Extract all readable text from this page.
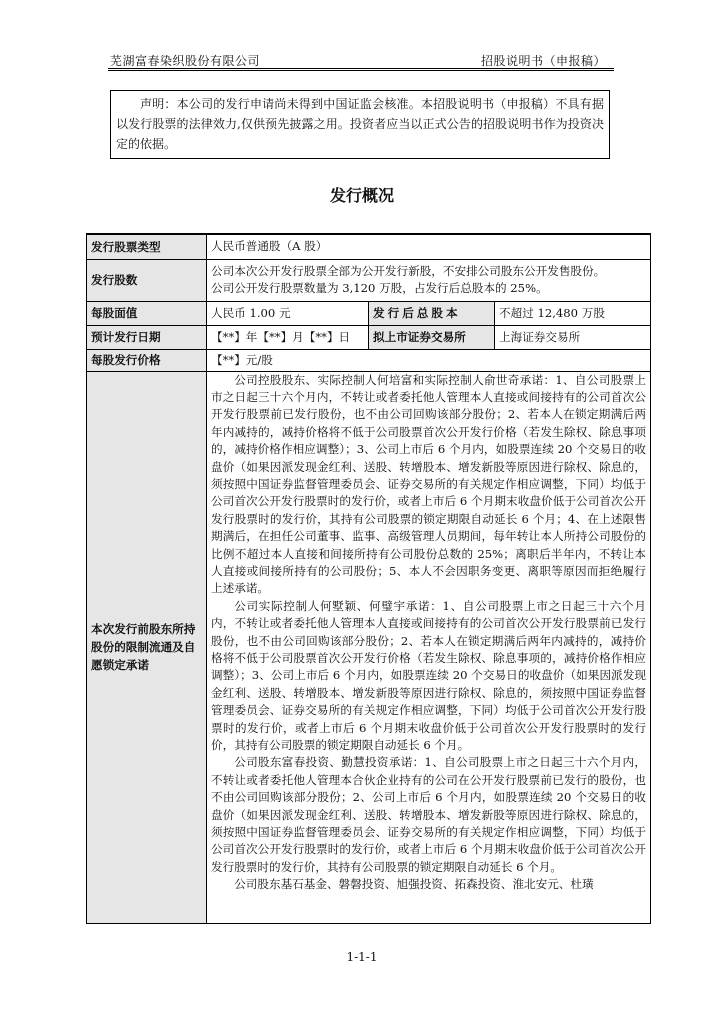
芜湖富春染织股份有限公司	招股说明书（申报稿）
声明：本公司的发行申请尚未得到中国证监会核准。本招股说明书（申报稿）不具有据以发行股票的法律效力,仅供预先披露之用。投资者应当以正式公告的招股说明书作为投资决定的依据。
发行概况
发行股票类型	人民币普通股（A 股）		
发行股数	公司本次公开发行股票全部为公开发行新股，不安排公司股东公开发售股份。
公司公开发行股票数量为 3,120 万股，占发行后总股本的 25%。		

每股面值	人民币 1.00 元	发行后总股本	不超过 12,480 万股
预计发行日期	【**】年【**】月【**】日	拟上市证券交易所	上海证券交易所
每股发行价格	【**】元/股		
本次发行前股东所持股份的限制流通及自愿锁定承诺	公司控股股东、实际控制人何培富和实际控制人俞世奇承诺：1、自公司股票上市之日起三十六个月内，不转让或者委托他人管理本人直接或间接持有的公司首次公开发行股票前已发行股份，也不由公司回购该部分股份；2、若本人在锁定期满后两年内减持的，减持价格将不低于公司股票首次公开发行价格（若发生除权、除息事项的，减持价格作相应调整）；3、公司上市后 6 个月内，如股票连续 20 个交易日的收盘价（如果因派发现金红利、送股、转增股本、增发新股等原因进行除权、除息的，须按照中国证券监督管理委员会、证券交易所的有关规定作相应调整，下同）均低于公司首次公开发行股票时的发行价，或者上市后 6 个月期末收盘价低于公司首次公开发行股票时的发行价，其持有公司股票的锁定期限自动延长 6 个月；4、在上述限售期满后，在担任公司董事、监事、高级管理人员期间，每年转让本人所持公司股份的比例不超过本人直接和间接所持有公司股份总数的 25%；离职后半年内，不转让本人直接或间接所持有的公司股份；5、本人不会因职务变更、离职等原因而拒绝履行上述承诺。

公司实际控制人何墅颖、何璧宇承诺：1、自公司股票上市之日起三十六个月内，不转让或者委托他人管理本人直接或间接持有的公司首次公开发行股票前已发行股份，也不由公司回购该部分股份；2、若本人在锁定期满后两年内减持的，减持价格将不低于公司股票首次公开发行价格（若发生除权、除息事项的，减持价格作相应调整）；3、公司上市后 6 个月内，如股票连续 20 个交易日的收盘价（如果因派发现金红利、送股、转增股本、增发新股等原因进行除权、除息的，须按照中国证券监督管理委员会、证券交易所的有关规定作相应调整，下同）均低于公司首次公开发行股票时的发行价，或者上市后 6 个月期末收盘价低于公司首次公开发行股票时的发行价，其持有公司股票的锁定期限自动延长 6 个月。

公司股东富春投资、勤慧投资承诺：1、自公司股票上市之日起三十六个月内，不转让或者委托他人管理本合伙企业持有的公司在公开发行股票前已发行的股份，也不由公司回购该部分股份；2、公司上市后 6 个月内，如股票连续 20 个交易日的收盘价（如果因派发现金红利、送股、转增股本、增发新股等原因进行除权、除息的，须按照中国证券监督管理委员会、证券交易所的有关规定作相应调整，下同）均低于公司首次公开发行股票时的发行价，或者上市后 6 个月期末收盘价低于公司首次公开发行股票时的发行价，其持有公司股票的锁定期限自动延长 6 个月。

公司股东基石基金、磐磐投资、旭强投资、拓森投资、淮北安元、杜璜		

1-1-1
